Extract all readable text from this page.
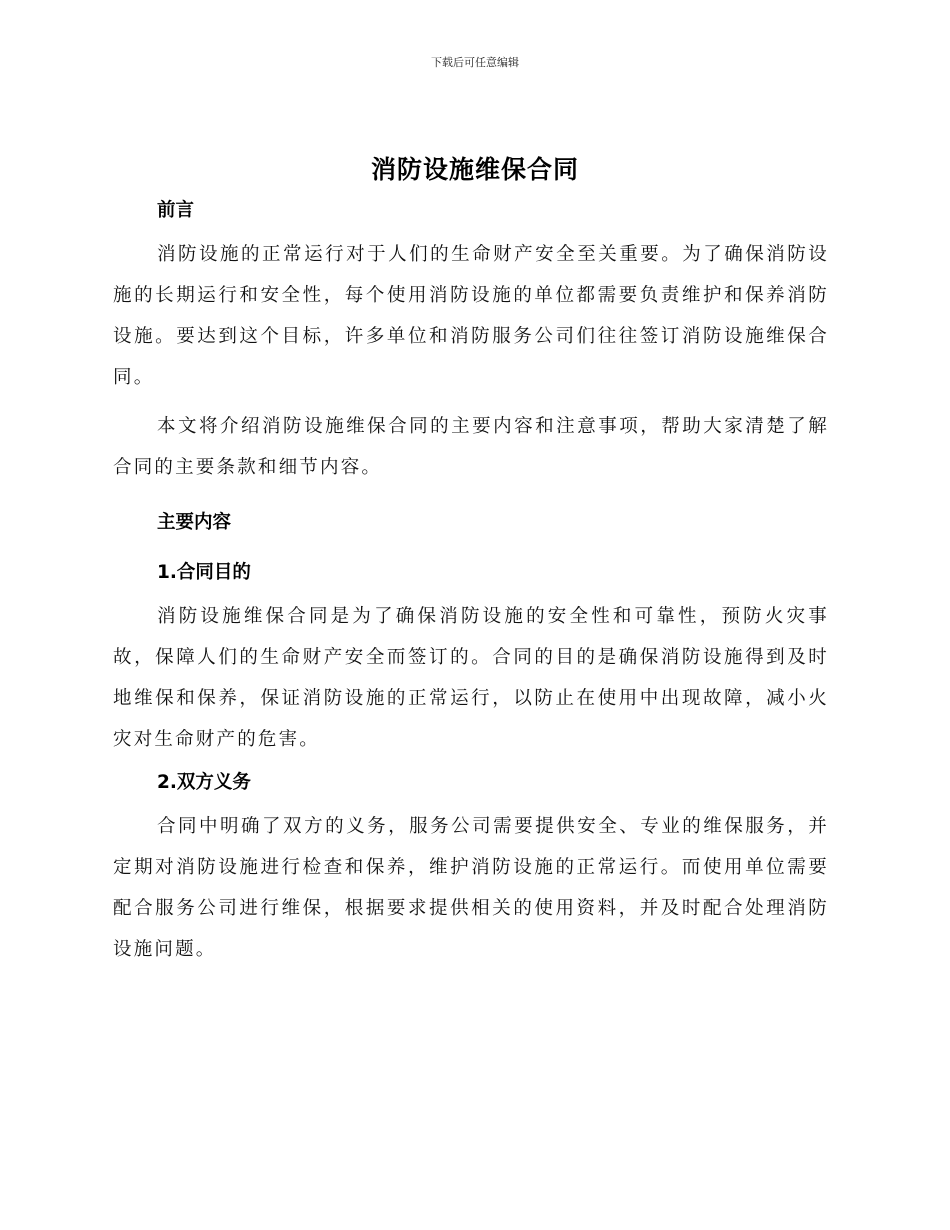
下载后可任意编辑
消防设施维保合同
前言

消防设施的正常运行对于人们的生命财产安全至关重要。为了确保消防设施的长期运行和安全性，每个使用消防设施的单位都需要负责维护和保养消防设施。要达到这个目标，许多单位和消防服务公司们往往签订消防设施维保合同。

本文将介绍消防设施维保合同的主要内容和注意事项，帮助大家清楚了解合同的主要条款和细节内容。

主要内容
1.合同目的

消防设施维保合同是为了确保消防设施的安全性和可靠性，预防火灾事故，保障人们的生命财产安全而签订的。合同的目的是确保消防设施得到及时地维保和保养，保证消防设施的正常运行，以防止在使用中出现故障，减小火灾对生命财产的危害。

2.双方义务

合同中明确了双方的义务，服务公司需要提供安全、专业的维保服务，并定期对消防设施进行检查和保养，维护消防设施的正常运行。而使用单位需要配合服务公司进行维保，根据要求提供相关的使用资料，并及时配合处理消防设施问题。
